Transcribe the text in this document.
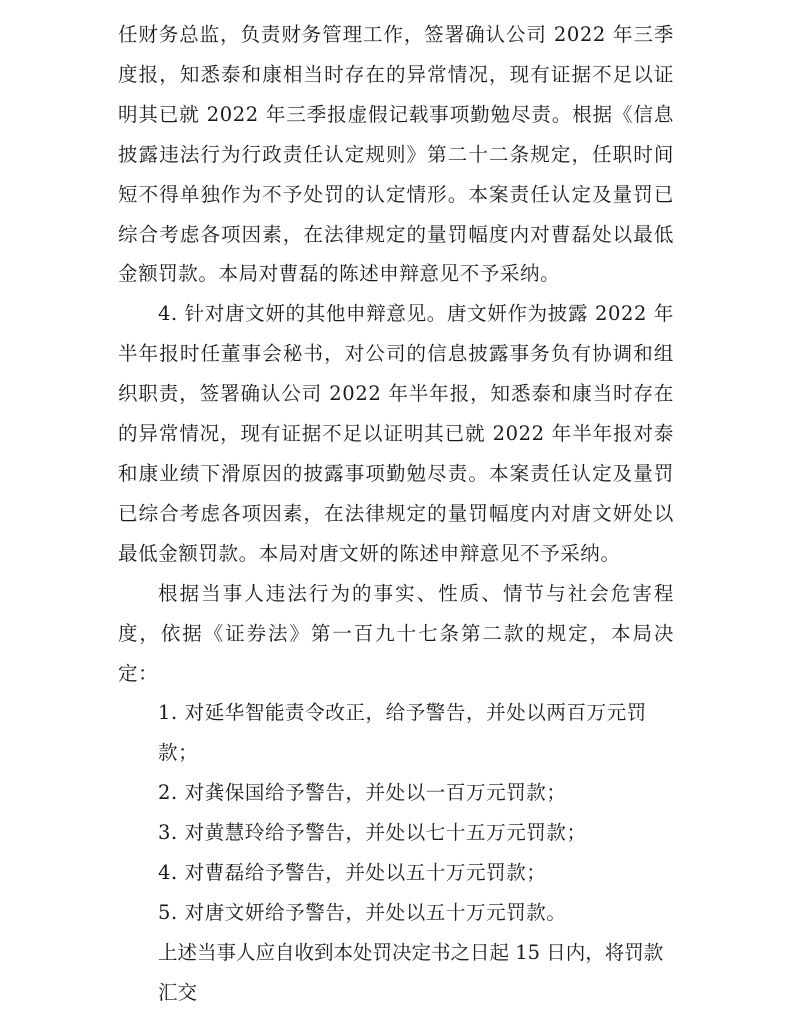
任财务总监，负责财务管理工作，签署确认公司 2022 年三季度报，知悉泰和康相当时存在的异常情况，现有证据不足以证明其已就 2022 年三季报虚假记载事项勤勉尽责。根据《信息披露违法行为行政责任认定规则》第二十二条规定，任职时间短不得单独作为不予处罚的认定情形。本案责任认定及量罚已综合考虑各项因素，在法律规定的量罚幅度内对曹磊处以最低金额罚款。本局对曹磊的陈述申辩意见不予采纳。

4. 针对唐文妍的其他申辩意见。唐文妍作为披露 2022 年半年报时任董事会秘书，对公司的信息披露事务负有协调和组织职责，签署确认公司 2022 年半年报，知悉泰和康当时存在的异常情况，现有证据不足以证明其已就 2022 年半年报对泰和康业绩下滑原因的披露事项勤勉尽责。本案责任认定及量罚已综合考虑各项因素，在法律规定的量罚幅度内对唐文妍处以最低金额罚款。本局对唐文妍的陈述申辩意见不予采纳。

根据当事人违法行为的事实、性质、情节与社会危害程度，依据《证券法》第一百九十七条第二款的规定，本局决定：

1. 对延华智能责令改正，给予警告，并处以两百万元罚款；

2. 对龚保国给予警告，并处以一百万元罚款；

3. 对黄慧玲给予警告，并处以七十五万元罚款；

4. 对曹磊给予警告，并处以五十万元罚款；

5. 对唐文妍给予警告，并处以五十万元罚款。

上述当事人应自收到本处罚决定书之日起 15 日内，将罚款汇交
